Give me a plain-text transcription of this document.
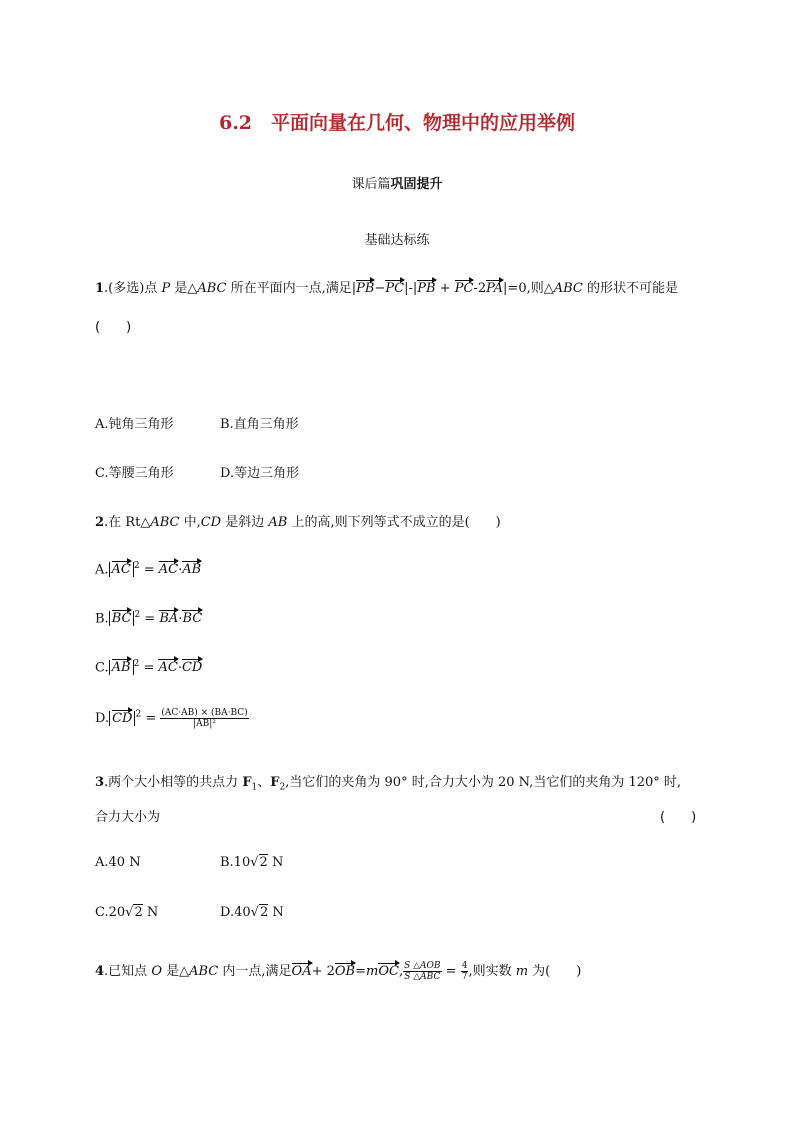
6.2　平面向量在几何、物理中的应用举例
课后篇巩固提升
基础达标练
1.(多选)点 P 是△ABC 所在平面内一点,满足|PB−PC|-|PB + PC-2PA|=0,则△ABC 的形状不可能是
(　　)
A.钝角三角形	B.直角三角形
C.等腰三角形	D.等边三角形
2.在 Rt△ABC 中,CD 是斜边 AB 上的高,则下列等式不成立的是(　　)
A. AC $^2$ = AC·AB
B. BC $^2$ = BA·BC
C. AB $^2$ = AC·CD
D. CD $^2 = \frac{(AC\cdot AB) \times (BA\cdot BC)}{\text{|AB|²}}$
3.两个大小相等的共点力 $F_1$、$F_2$,当它们的夹角为 90° 时,合力大小为 20 N,当它们的夹角为 120° 时,
合力大小为	(　　)
A.40 N	B.10√2 N
C.20√2 N	D.40√2 N
4.已知点 O 是△ABC 内一点,满足OA+ 2OB=mOC, $\frac{\text{S △AOB}}{\text{S △ABC}} = \frac{4}{7}$ ,则实数 m 为(　　)
